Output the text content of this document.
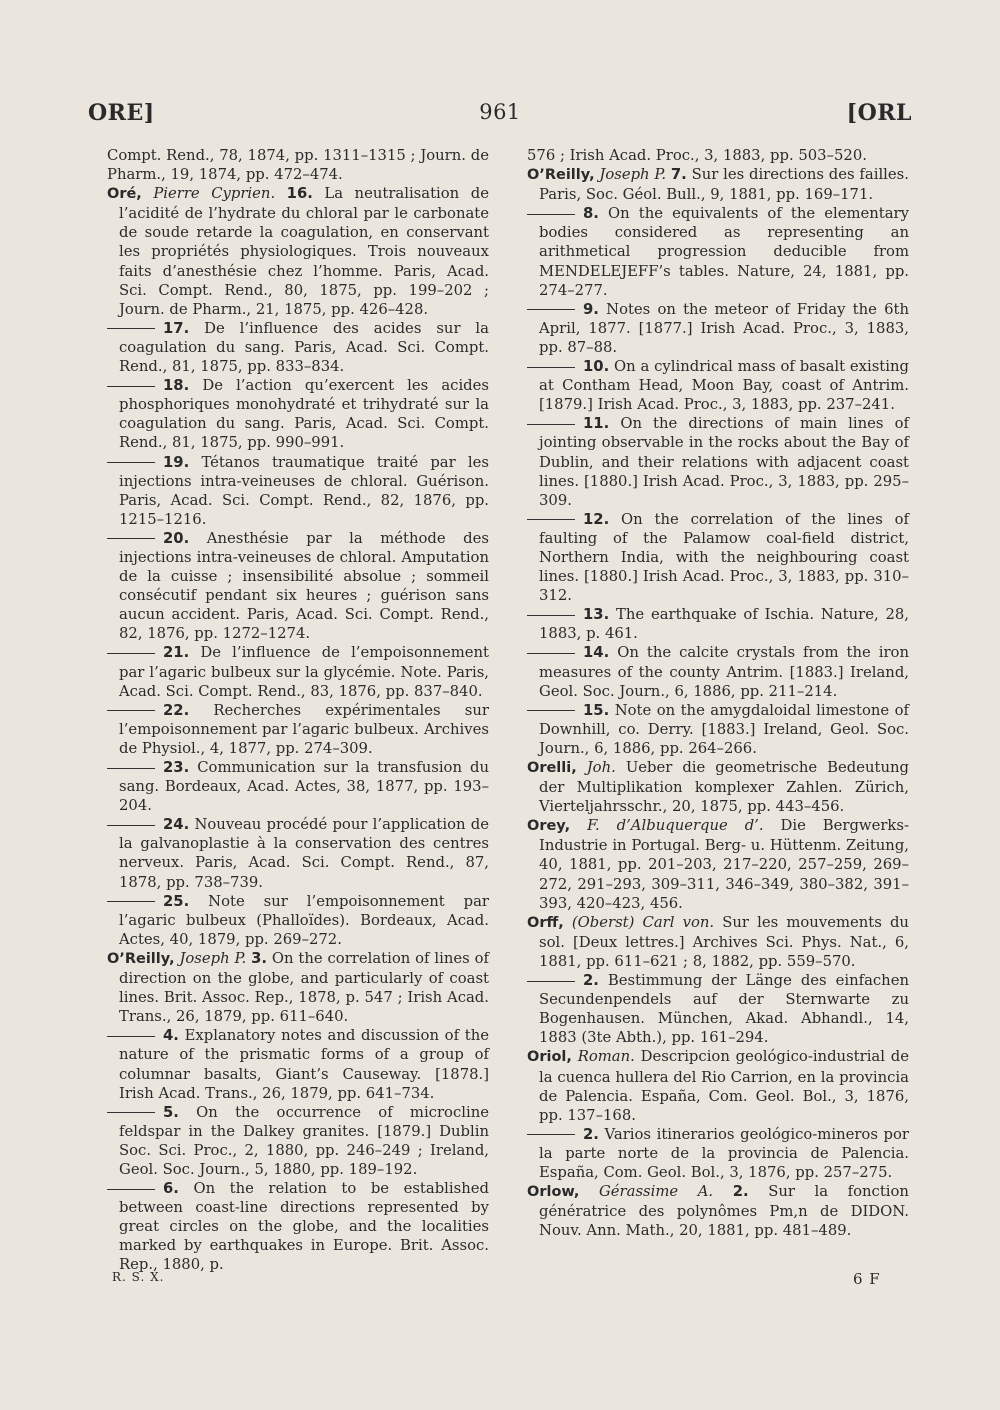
ORE]	961	[ORL
Compt. Rend., 78, 1874, pp. 1311–1315 ; Journ. de Pharm., 19, 1874, pp. 472–474.
Oré, Pierre Cyprien. 16. La neutralisation de l’acidité de l’hydrate du chloral par le carbonate de soude retarde la coagulation, en conservant les propriétés physiologiques. Trois nouveaux faits d’anesthésie chez l’homme. Paris, Acad. Sci. Compt. Rend., 80, 1875, pp. 199–202 ; Journ. de Pharm., 21, 1875, pp. 426–428.
17. De l’influence des acides sur la coagulation du sang. Paris, Acad. Sci. Compt. Rend., 81, 1875, pp. 833–834.
18. De l’action qu’exercent les acides phosphoriques monohydraté et trihydraté sur la coagulation du sang. Paris, Acad. Sci. Compt. Rend., 81, 1875, pp. 990–991.
19. Tétanos traumatique traité par les injections intra-veineuses de chloral. Guérison. Paris, Acad. Sci. Compt. Rend., 82, 1876, pp. 1215–1216.
20. Anesthésie par la méthode des injections intra-veineuses de chloral. Amputation de la cuisse ; insensibilité absolue ; sommeil consécutif pendant six heures ; guérison sans aucun accident. Paris, Acad. Sci. Compt. Rend., 82, 1876, pp. 1272–1274.
21. De l’influence de l’empoisonnement par l’agaric bulbeux sur la glycémie. Note. Paris, Acad. Sci. Compt. Rend., 83, 1876, pp. 837–840.
22. Recherches expérimentales sur l’empoisonnement par l’agaric bulbeux. Archives de Physiol., 4, 1877, pp. 274–309.
23. Communication sur la transfusion du sang. Bordeaux, Acad. Actes, 38, 1877, pp. 193–204.
24. Nouveau procédé pour l’application de la galvanoplastie à la conservation des centres nerveux. Paris, Acad. Sci. Compt. Rend., 87, 1878, pp. 738–739.
25. Note sur l’empoisonnement par l’agaric bulbeux (Phalloïdes). Bordeaux, Acad. Actes, 40, 1879, pp. 269–272.
O’Reilly, Joseph P. 3. On the correlation of lines of direction on the globe, and particularly of coast lines. Brit. Assoc. Rep., 1878, p. 547 ; Irish Acad. Trans., 26, 1879, pp. 611–640.
4. Explanatory notes and discussion of the nature of the prismatic forms of a group of columnar basalts, Giant’s Causeway. [1878.] Irish Acad. Trans., 26, 1879, pp. 641–734.
5. On the occurrence of microcline feldspar in the Dalkey granites. [1879.] Dublin Soc. Sci. Proc., 2, 1880, pp. 246–249 ; Ireland, Geol. Soc. Journ., 5, 1880, pp. 189–192.
6. On the relation to be established between coast-line directions represented by great circles on the globe, and the localities marked by earthquakes in Europe. Brit. Assoc. Rep., 1880, p.
576 ; Irish Acad. Proc., 3, 1883, pp. 503–520.
O’Reilly, Joseph P. 7. Sur les directions des failles. Paris, Soc. Géol. Bull., 9, 1881, pp. 169–171.
8. On the equivalents of the elementary bodies considered as representing an arithmetical progression deducible from MENDELEJEFF’s tables. Nature, 24, 1881, pp. 274–277.
9. Notes on the meteor of Friday the 6th April, 1877. [1877.] Irish Acad. Proc., 3, 1883, pp. 87–88.
10. On a cylindrical mass of basalt existing at Contham Head, Moon Bay, coast of Antrim. [1879.] Irish Acad. Proc., 3, 1883, pp. 237–241.
11. On the directions of main lines of jointing observable in the rocks about the Bay of Dublin, and their relations with adjacent coast lines. [1880.] Irish Acad. Proc., 3, 1883, pp. 295–309.
12. On the correlation of the lines of faulting of the Palamow coal-field district, Northern India, with the neighbouring coast lines. [1880.] Irish Acad. Proc., 3, 1883, pp. 310–312.
13. The earthquake of Ischia. Nature, 28, 1883, p. 461.
14. On the calcite crystals from the iron measures of the county Antrim. [1883.] Ireland, Geol. Soc. Journ., 6, 1886, pp. 211–214.
15. Note on the amygdaloidal limestone of Downhill, co. Derry. [1883.] Ireland, Geol. Soc. Journ., 6, 1886, pp. 264–266.
Orelli, Joh. Ueber die geometrische Bedeutung der Multiplikation komplexer Zahlen. Zürich, Vierteljahrsschr., 20, 1875, pp. 443–456.
Orey, F. d’Albuquerque d’. Die Bergwerks-Industrie in Portugal. Berg- u. Hüttenm. Zeitung, 40, 1881, pp. 201–203, 217–220, 257–259, 269–272, 291–293, 309–311, 346–349, 380–382, 391–393, 420–423, 456.
Orff, (Oberst) Carl von. Sur les mouvements du sol. [Deux lettres.] Archives Sci. Phys. Nat., 6, 1881, pp. 611–621 ; 8, 1882, pp. 559–570.
2. Bestimmung der Länge des einfachen Secundenpendels auf der Sternwarte zu Bogenhausen. München, Akad. Abhandl., 14, 1883 (3te Abth.), pp. 161–294.
Oriol, Roman. Descripcion geológico-industrial de la cuenca hullera del Rio Carrion, en la provincia de Palencia. España, Com. Geol. Bol., 3, 1876, pp. 137–168.
2. Varios itinerarios geológico-mineros por la parte norte de la provincia de Palencia. España, Com. Geol. Bol., 3, 1876, pp. 257–275.
Orlow, Gérassime A. 2. Sur la fonction génératrice des polynômes Pm,n de DIDON. Nouv. Ann. Math., 20, 1881, pp. 481–489.
R. S. X.	6 F
